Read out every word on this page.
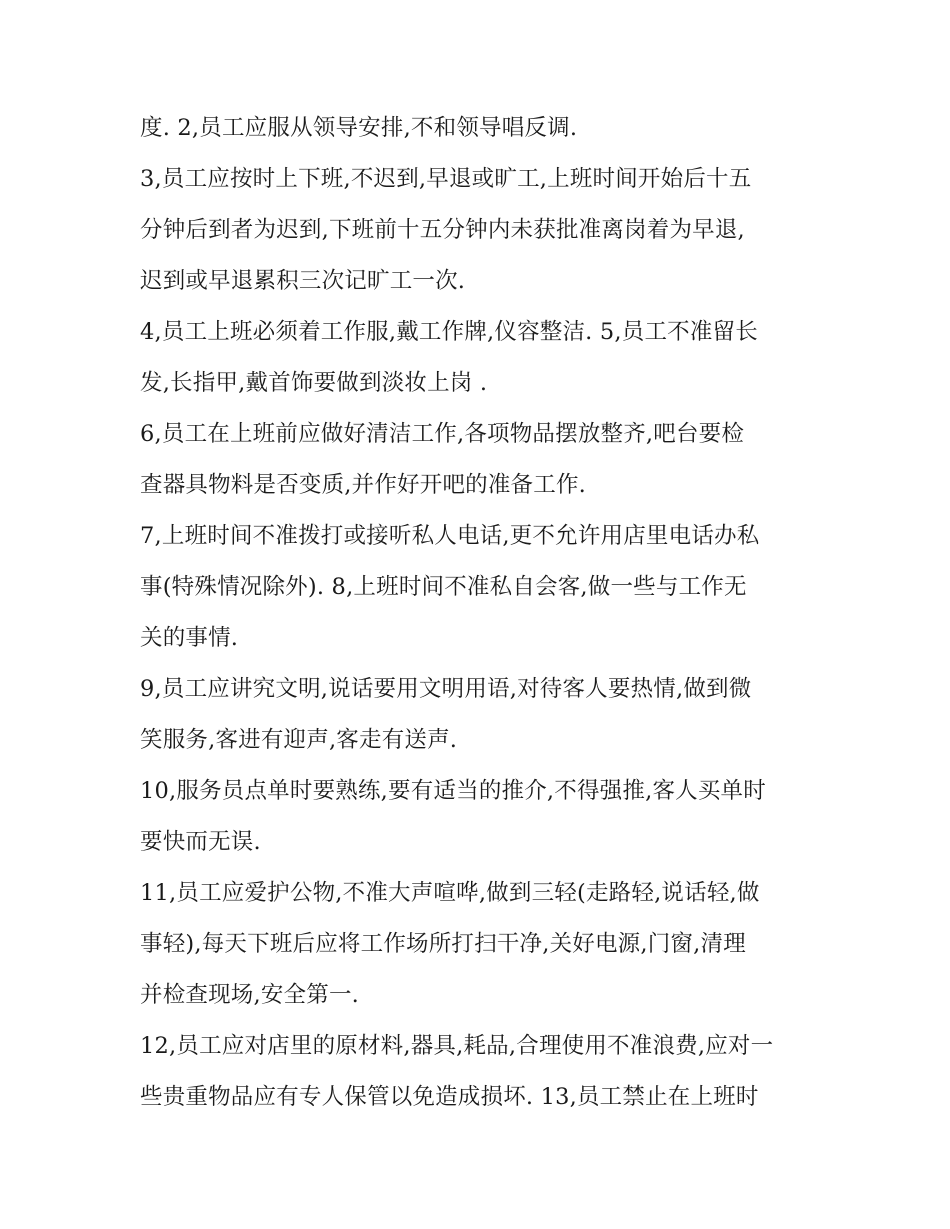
度. 2,员工应服从领导安排,不和领导唱反调.
3,员工应按时上下班,不迟到,早退或旷工,上班时间开始后十五
分钟后到者为迟到,下班前十五分钟内未获批准离岗着为早退,
迟到或早退累积三次记旷工一次.
4,员工上班必须着工作服,戴工作牌,仪容整洁. 5,员工不准留长
发,长指甲,戴首饰要做到淡妆上岗 .
6,员工在上班前应做好清洁工作,各项物品摆放整齐,吧台要检
查器具物料是否变质,并作好开吧的准备工作.
7,上班时间不准拨打或接听私人电话,更不允许用店里电话办私
事(特殊情况除外). 8,上班时间不准私自会客,做一些与工作无
关的事情.
9,员工应讲究文明,说话要用文明用语,对待客人要热情,做到微
笑服务,客进有迎声,客走有送声.
10,服务员点单时要熟练,要有适当的推介,不得强推,客人买单时
要快而无误.
11,员工应爱护公物,不准大声喧哗,做到三轻(走路轻,说话轻,做
事轻),每天下班后应将工作场所打扫干净,关好电源,门窗,清理
并检查现场,安全第一.
12,员工应对店里的原材料,器具,耗品,合理使用不准浪费,应对一
些贵重物品应有专人保管以免造成损坏. 13,员工禁止在上班时
